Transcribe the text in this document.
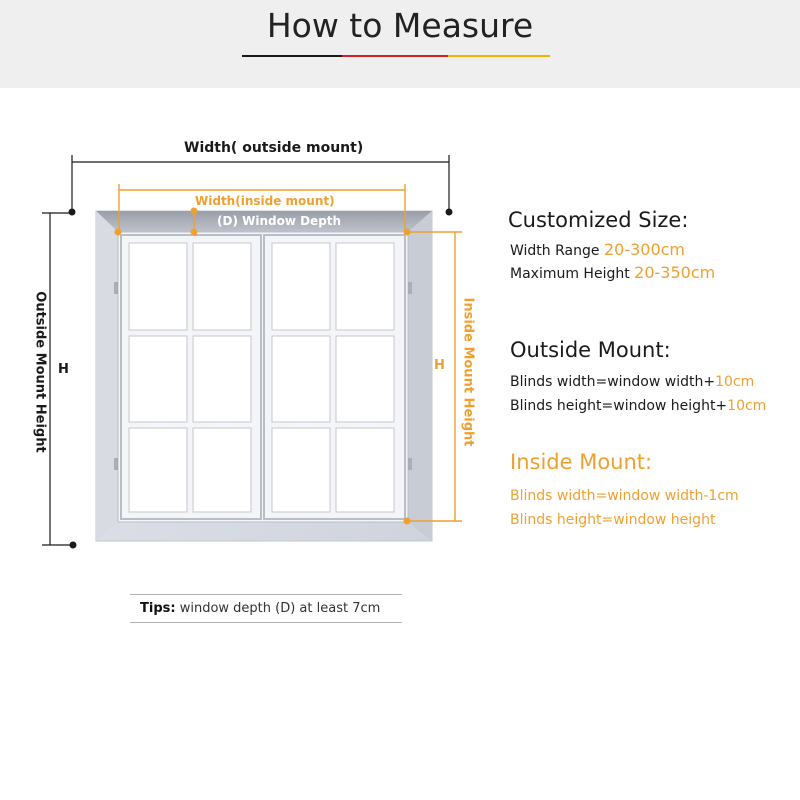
How to Measure
Width( outside mount)
Width(inside mount)
(D) Window Depth
H	H
Outside Mount Height	Inside Mount Height
Tips: window depth (D) at least 7cm
Customized Size:
Width Range 20-300cm
Maximum Height 20-350cm
Outside Mount:
Blinds width=window width+10cm
Blinds height=window height+10cm
Inside Mount:
Blinds width=window width-1cm
Blinds height=window height
